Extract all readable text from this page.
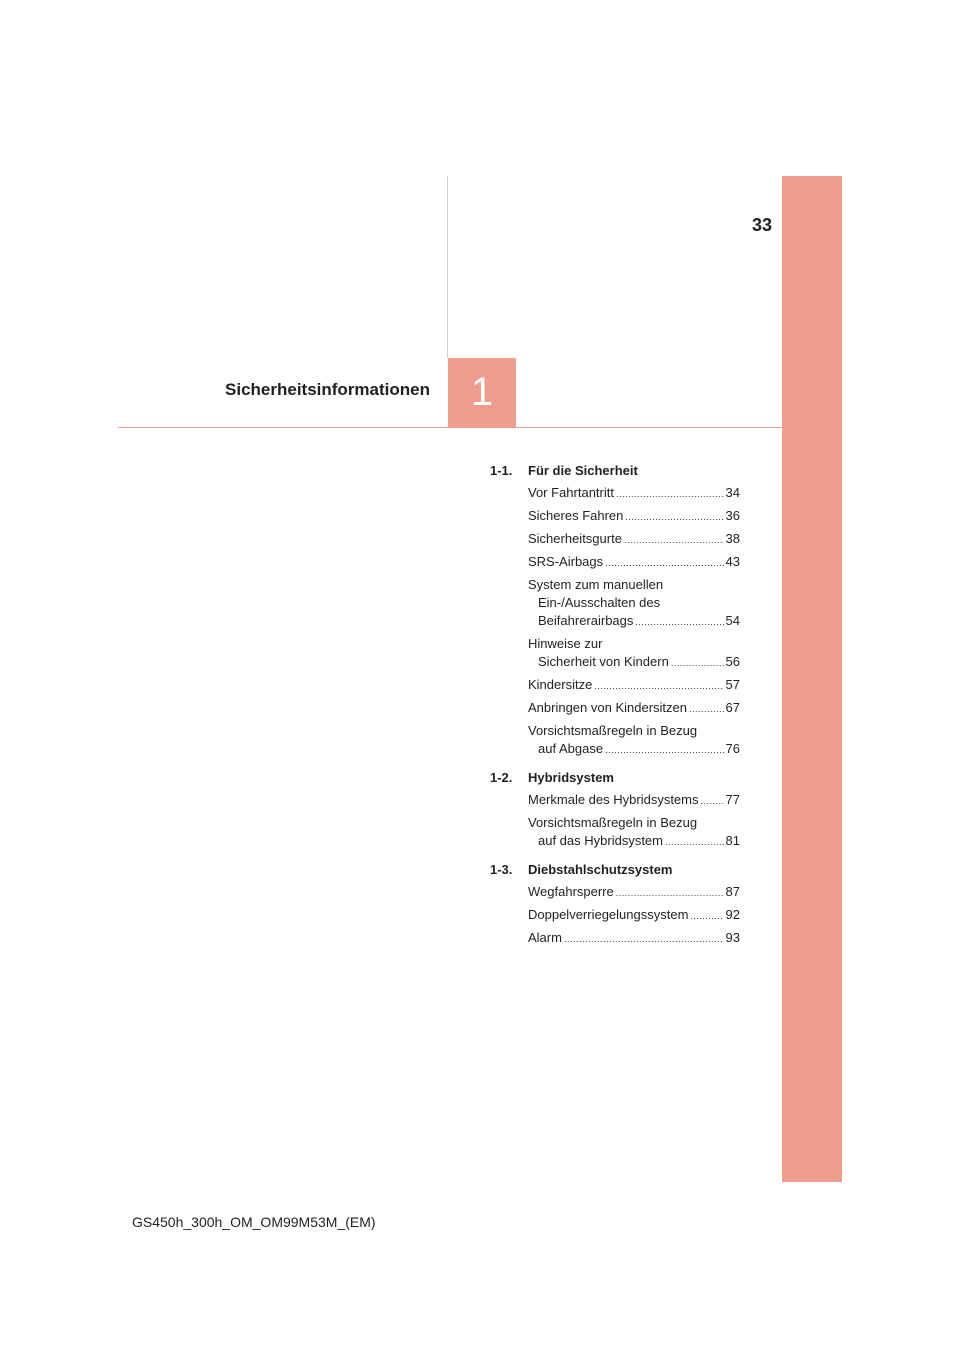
33
Sicherheitsinformationen 1
1-1.	Für die Sicherheit
Vor Fahrtantritt .....	34
Sicheres Fahren .....	36
Sicherheitsgurte .....	38
SRS-Airbags .....	43
System zum manuellen
Ein-/Ausschalten des
Beifahrerairbags .....	54
Hinweise zur
Sicherheit von Kindern .....	56
Kindersitze .....	57
Anbringen von Kindersitzen .....	67
Vorsichtsmaßregeln in Bezug
auf Abgase .....	76
1-2.	Hybridsystem
Merkmale des Hybridsystems ..... 77
Vorsichtsmaßregeln in Bezug
auf das Hybridsystem .....	81
1-3.	Diebstahlschutzsystem
Wegfahrsperre .....	87
Doppelverriegelungssystem .....	92
Alarm .....	93
GS450h_300h_OM_OM99M53M_(EM)
